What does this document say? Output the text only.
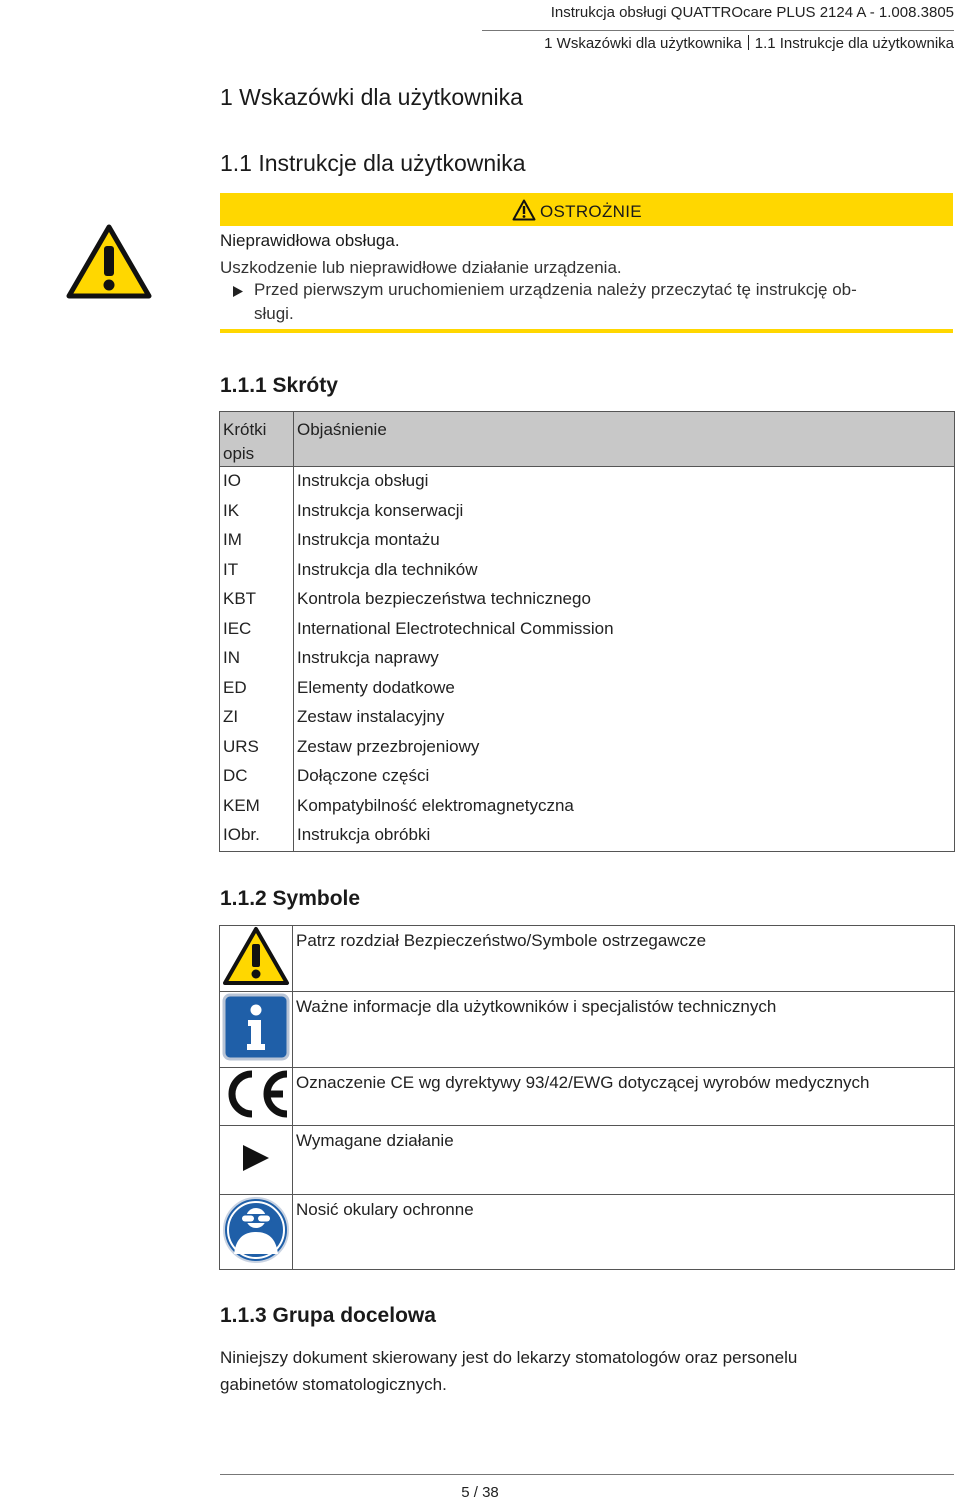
Instrukcja obsługi QUATTROcare PLUS 2124 A - 1.008.3805
1 Wskazówki dla użytkownika 1.1 Instrukcje dla użytkownika
1 Wskazówki dla użytkownika
1.1 Instrukcje dla użytkownika
OSTROŻNIE
Nieprawidłowa obsługa.
Uszkodzenie lub nieprawidłowe działanie urządzenia.
Przed pierwszym uruchomieniem urządzenia należy przeczytać tę instrukcję ob-
sługi.
1.1.1 Skróty
Krótki opis	Objaśnienie
IO	Instrukcja obsługi
IK	Instrukcja konserwacji
IM	Instrukcja montażu
IT	Instrukcja dla techników
KBT	Kontrola bezpieczeństwa technicznego
IEC	International Electrotechnical Commission
IN	Instrukcja naprawy
ED	Elementy dodatkowe
ZI	Zestaw instalacyjny
URS	Zestaw przezbrojeniowy
DC	Dołączone części
KEM	Kompatybilność elektromagnetyczna
IObr.	Instrukcja obróbki
1.1.2 Symbole
	Patrz rozdział Bezpieczeństwo/Symbole ostrzegawcze
	Ważne informacje dla użytkowników i specjalistów technicznych
	Oznaczenie CE wg dyrektywy 93/42/EWG dotyczącej wyrobów medycznych
	Wymagane działanie
	Nosić okulary ochronne
1.1.3 Grupa docelowa
Niniejszy dokument skierowany jest do lekarzy stomatologów oraz personelu gabinetów stomatologicznych.
5 / 38
